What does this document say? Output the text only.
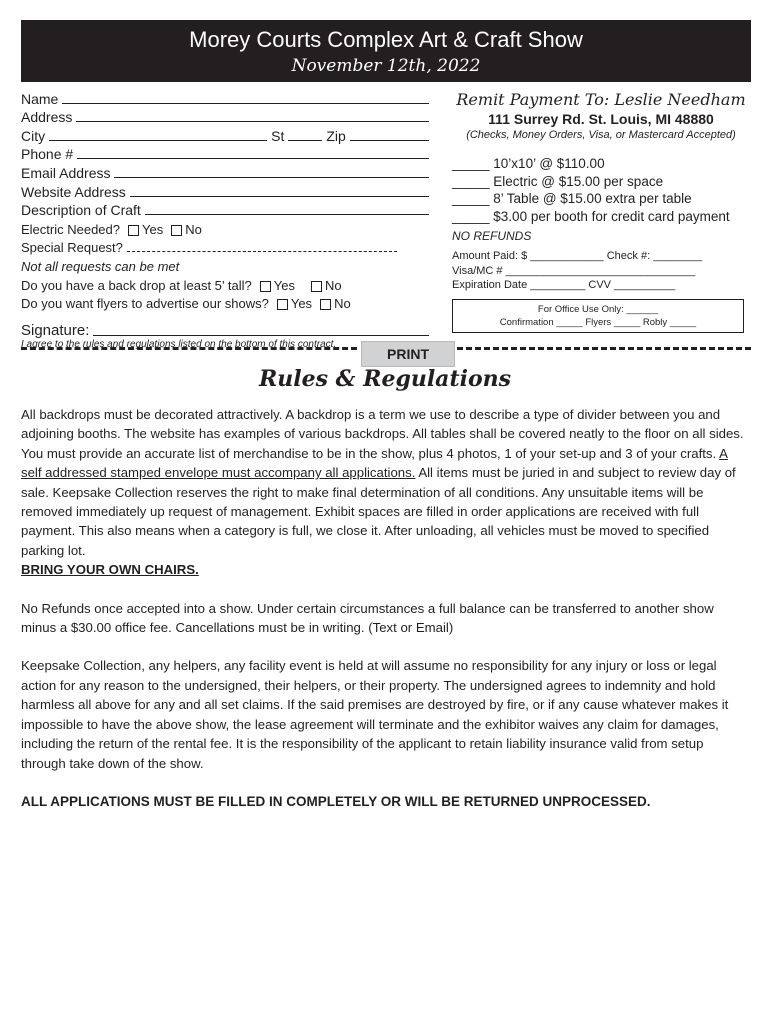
Morey Courts Complex Art & Craft Show
November 12th, 2022
Name
Address
City	St	Zip
Phone #
Email Address
Website Address
Description of Craft
Electric Needed? Yes No
Special Request?
Not all requests can be met
Do you have a back drop at least 5’ tall? Yes No
Do you want flyers to advertise our shows? Yes No
Signature:
I agree to the rules and regulations listed on the bottom of this contract.
Remit Payment To: Leslie Needham
111 Surrey Rd. St. Louis, MI 48880
(Checks, Money Orders, Visa, or Mastercard Accepted)
_____ 10’x10’ @ $110.00
_____ Electric @ $15.00 per space
_____ 8’ Table @ $15.00 extra per table
_____ $3.00 per booth for credit card payment
NO REFUNDS
Amount Paid: $ ____________ Check #: ________
Visa/MC # _______________________________
Expiration Date _________ CVV __________
For Office Use Only: ______
Confirmation _____ Flyers _____ Robly _____
PRINT
Rules & Regulations

All backdrops must be decorated attractively. A backdrop is a term we use to describe a type of divider between you and adjoining booths. The website has examples of various backdrops. All tables shall be covered neatly to the floor on all sides. You must provide an accurate list of merchandise to be in the show, plus 4 photos, 1 of your set-up and 3 of your crafts. A self addressed stamped envelope must accompany all applications. All items must be juried in and subject to review day of sale. Keepsake Collection reserves the right to make final determination of all conditions. Any unsuitable items will be removed immediately up request of management. Exhibit spaces are filled in order applications are received with full payment. This also means when a category is full, we close it. After unloading, all vehicles must be moved to specified parking lot.
BRING YOUR OWN CHAIRS.

No Refunds once accepted into a show. Under certain circumstances a full balance can be transferred to another show minus a $30.00 office fee. Cancellations must be in writing. (Text or Email)

Keepsake Collection, any helpers, any facility event is held at will assume no responsibility for any injury or loss or legal action for any reason to the undersigned, their helpers, or their property. The undersigned agrees to indemnity and hold harmless all above for any and all set claims. If the said premises are destroyed by fire, or if any cause whatever makes it impossible to have the above show, the lease agreement will terminate and the exhibitor waives any claim for damages, including the return of the rental fee. It is the responsibility of the applicant to retain liability insurance valid from setup through take down of the show.

ALL APPLICATIONS MUST BE FILLED IN COMPLETELY OR WILL BE RETURNED UNPROCESSED.
